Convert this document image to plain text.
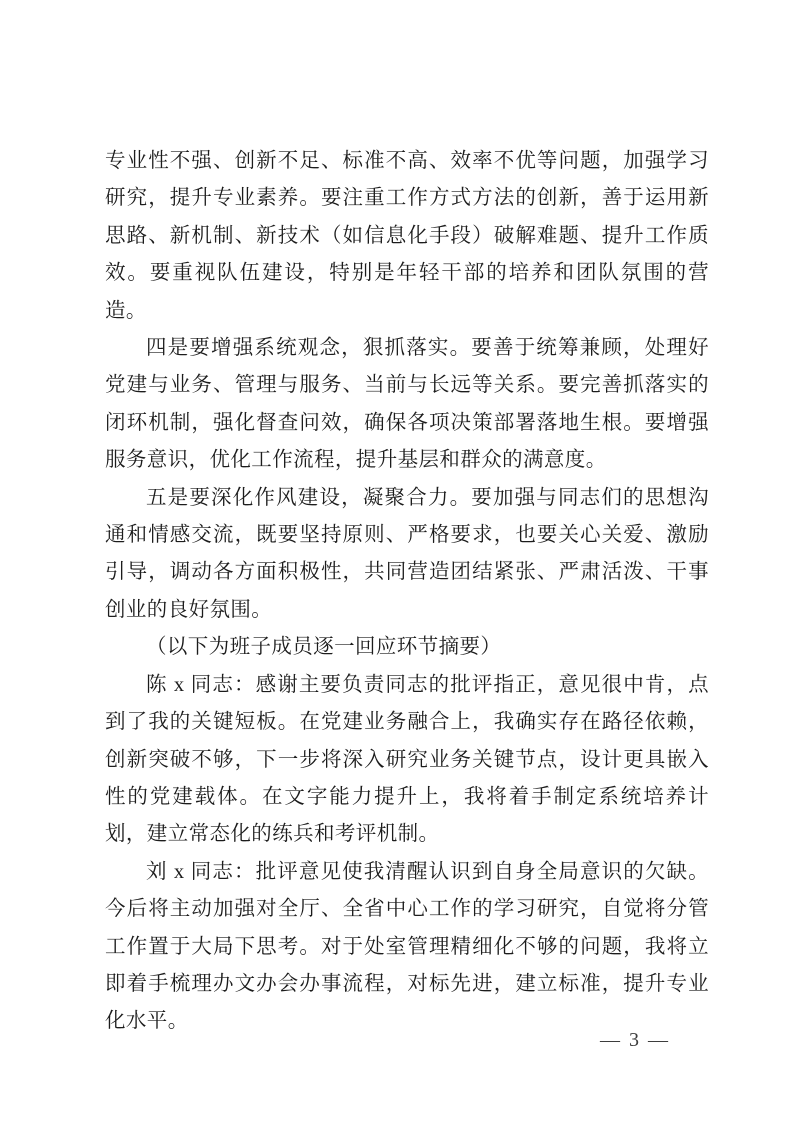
专业性不强、创新不足、标准不高、效率不优等问题，加强学习研究，提升专业素养。要注重工作方式方法的创新，善于运用新思路、新机制、新技术（如信息化手段）破解难题、提升工作质效。要重视队伍建设，特别是年轻干部的培养和团队氛围的营造。

四是要增强系统观念，狠抓落实。要善于统筹兼顾，处理好党建与业务、管理与服务、当前与长远等关系。要完善抓落实的闭环机制，强化督查问效，确保各项决策部署落地生根。要增强服务意识，优化工作流程，提升基层和群众的满意度。

五是要深化作风建设，凝聚合力。要加强与同志们的思想沟通和情感交流，既要坚持原则、严格要求，也要关心关爱、激励引导，调动各方面积极性，共同营造团结紧张、严肃活泼、干事创业的良好氛围。

（以下为班子成员逐一回应环节摘要）

陈 x 同志：感谢主要负责同志的批评指正，意见很中肯，点到了我的关键短板。在党建业务融合上，我确实存在路径依赖，创新突破不够，下一步将深入研究业务关键节点，设计更具嵌入性的党建载体。在文字能力提升上，我将着手制定系统培养计划，建立常态化的练兵和考评机制。

刘 x 同志：批评意见使我清醒认识到自身全局意识的欠缺。今后将主动加强对全厅、全省中心工作的学习研究，自觉将分管工作置于大局下思考。对于处室管理精细化不够的问题，我将立即着手梳理办文办会办事流程，对标先进，建立标准，提升专业化水平。

— 3 —
